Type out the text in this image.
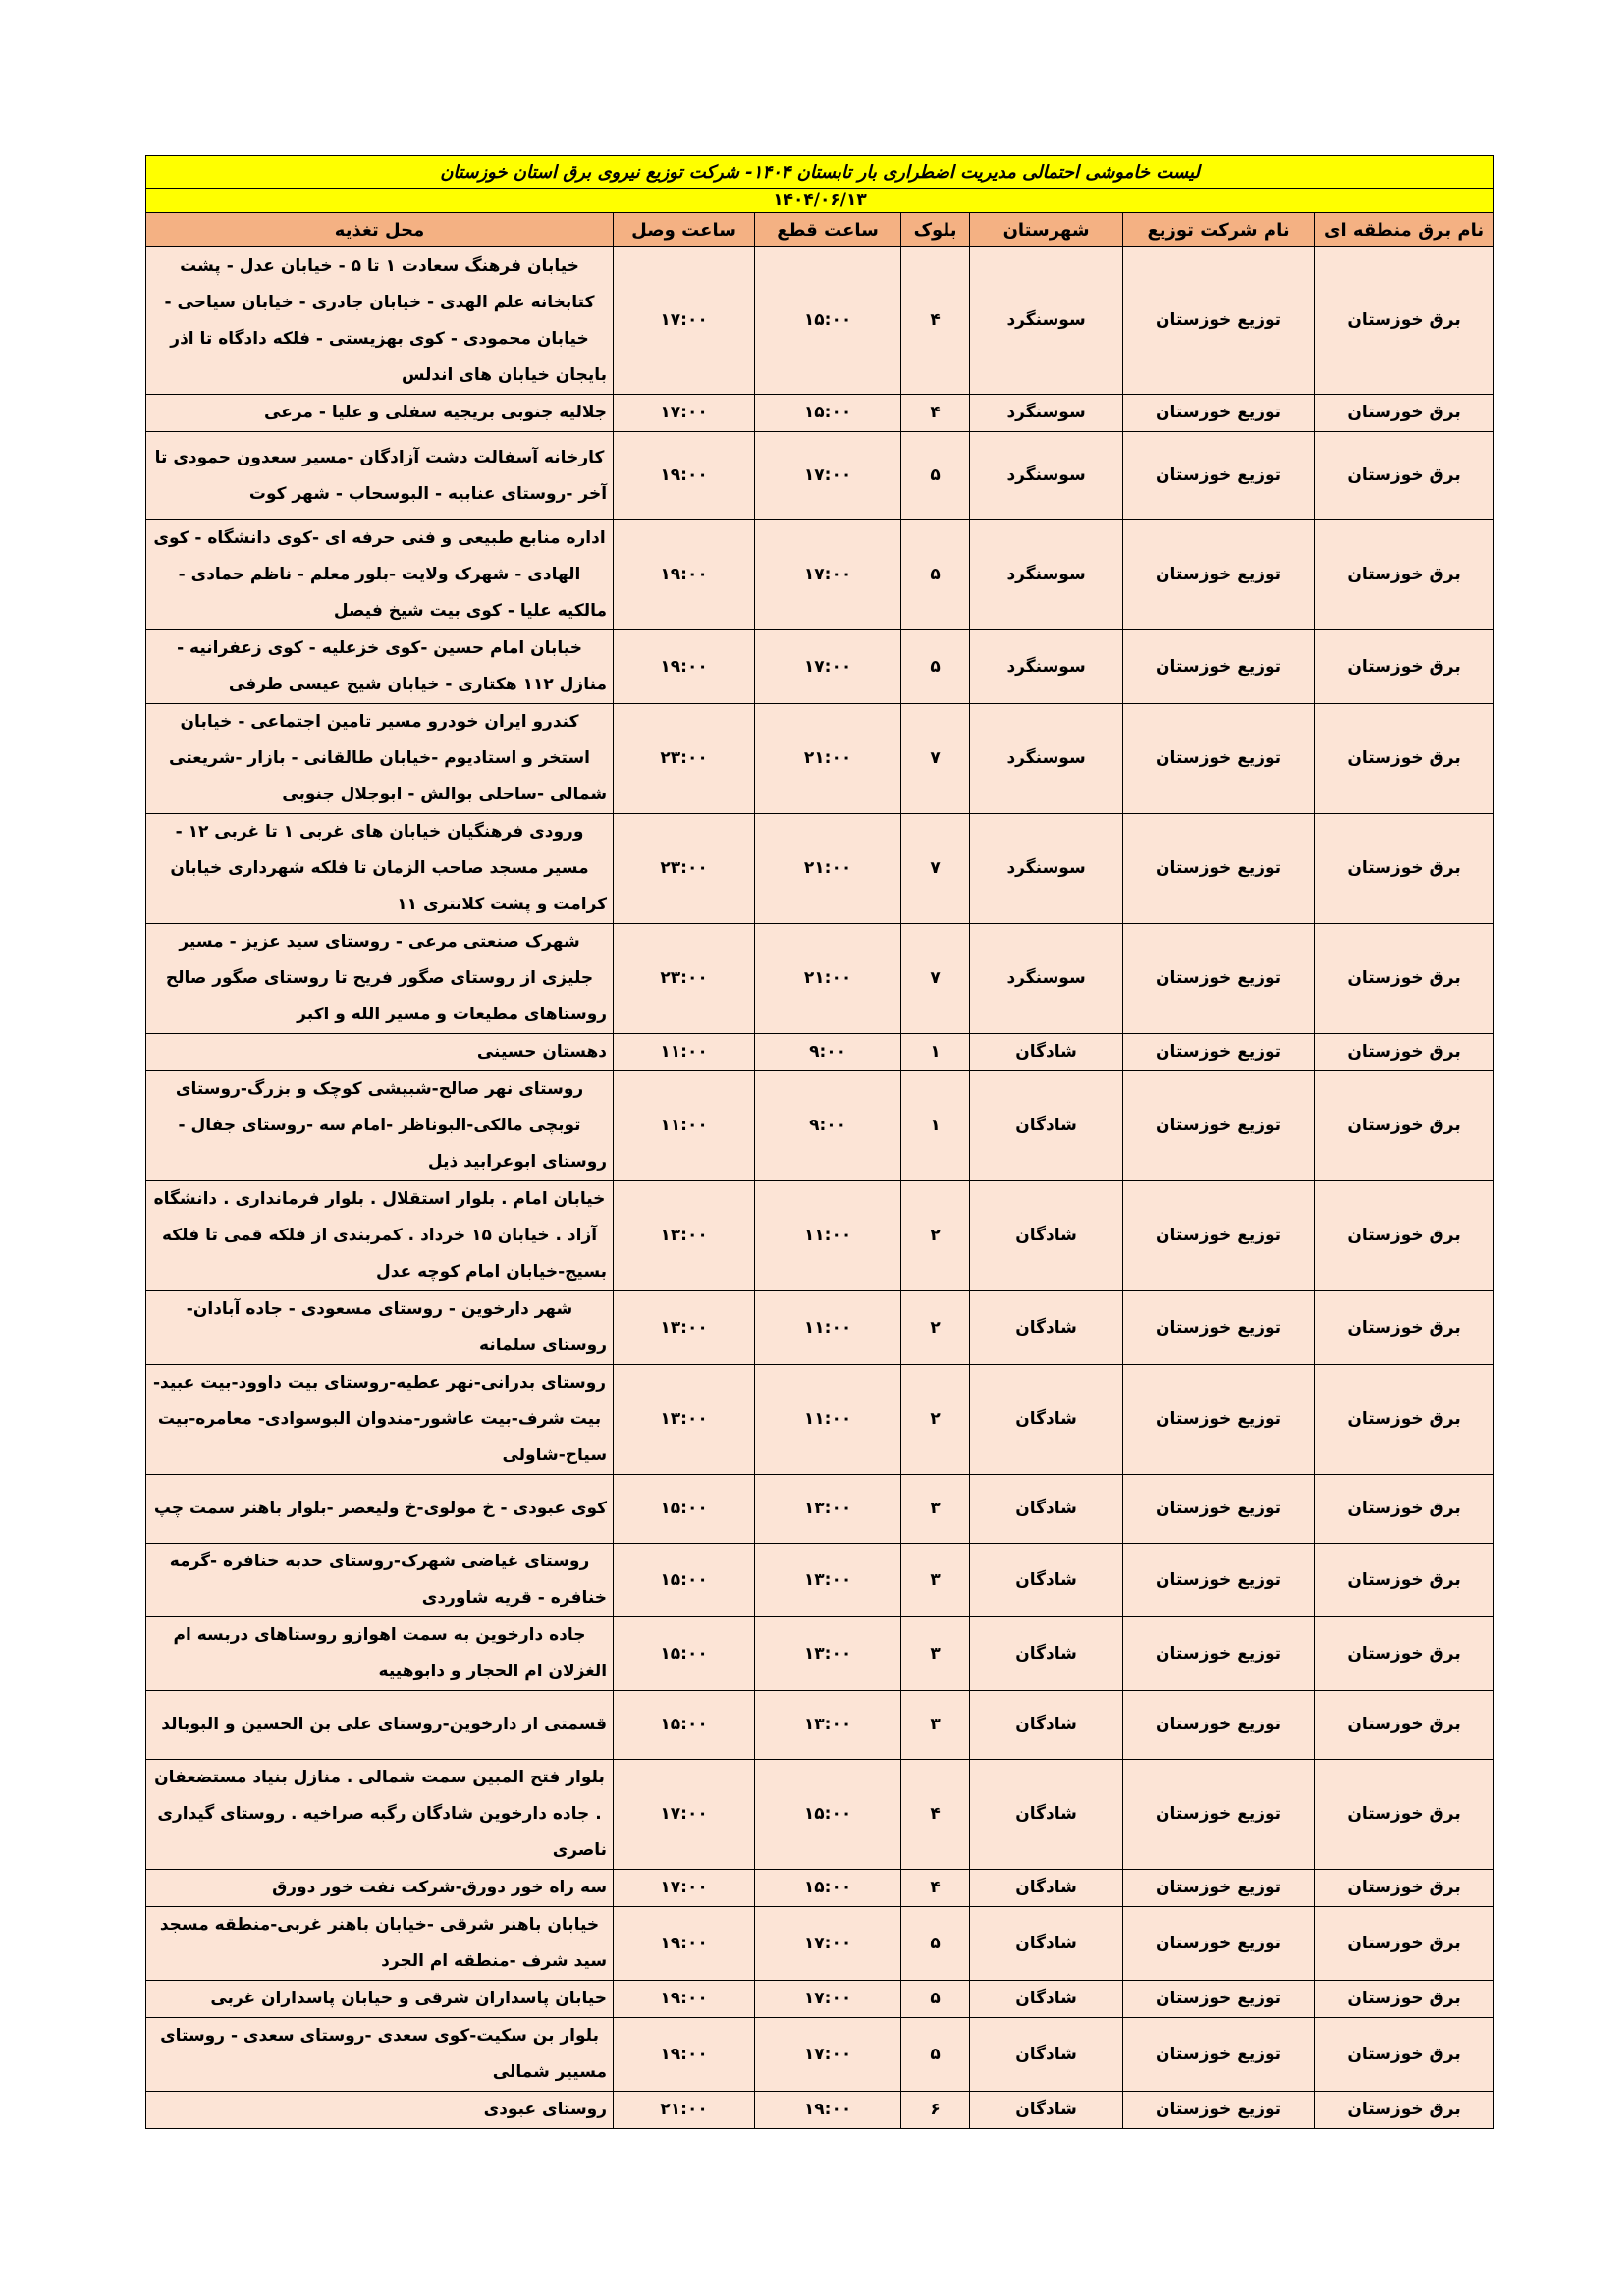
لیست خاموشی احتمالی مدیریت اضطراری بار تابستان ۱۴۰۴- شرکت توزیع نیروی برق استان خوزستان						
۱۴۰۴/۰۶/۱۳						
نام برق منطقه ای	نام شرکت توزیع	شهرستان	بلوک	ساعت قطع	ساعت وصل	محل تغذیه
برق خوزستان	توزیع خوزستان	سوسنگرد	۴	۱۵:۰۰	۱۷:۰۰	خیابان فرهنگ سعادت ۱ تا ۵ - خیابان عدل - پشت کتابخانه علم الهدی - خیابان جادری - خیابان سیاحی - خیابان محمودی - کوی بهزیستی - فلکه دادگاه تا اذر بایجان خیابان های اندلس
برق خوزستان	توزیع خوزستان	سوسنگرد	۴	۱۵:۰۰	۱۷:۰۰	جلالیه جنوبی بریجیه سفلی و علیا - مرعی
برق خوزستان	توزیع خوزستان	سوسنگرد	۵	۱۷:۰۰	۱۹:۰۰	کارخانه آسفالت دشت آزادگان -مسیر سعدون حمودی تا آخر -روستای عنابیه - البوسحاب - شهر کوت
برق خوزستان	توزیع خوزستان	سوسنگرد	۵	۱۷:۰۰	۱۹:۰۰	اداره منابع طبیعی و فنی حرفه ای -کوی دانشگاه - کوی الهادی - شهرک ولایت -بلور معلم - ناظم حمادی - مالکیه علیا - کوی بیت شیخ فیصل
برق خوزستان	توزیع خوزستان	سوسنگرد	۵	۱۷:۰۰	۱۹:۰۰	خیابان امام حسین -کوی خزعلیه - کوی زعفرانیه - منازل ۱۱۲ هکتاری - خیابان شیخ عیسی طرفی
برق خوزستان	توزیع خوزستان	سوسنگرد	۷	۲۱:۰۰	۲۳:۰۰	کندرو ایران خودرو مسیر تامین اجتماعی - خیابان استخر و استادیوم -خیابان طالقانی - بازار -شریعتی شمالی -ساحلی بوالش - ابوجلال جنوبی
برق خوزستان	توزیع خوزستان	سوسنگرد	۷	۲۱:۰۰	۲۳:۰۰	ورودی فرهنگیان خیابان های غربی ۱ تا غربی ۱۲ - مسیر مسجد صاحب الزمان تا فلکه شهرداری خیابان کرامت و پشت کلانتری ۱۱
برق خوزستان	توزیع خوزستان	سوسنگرد	۷	۲۱:۰۰	۲۳:۰۰	شهرک صنعتی مرعی - روستای سید عزیز - مسیر جلیزی از روستای صگور فریح تا روستای صگور صالح روستاهای مطیعات و مسیر الله و اکبر
برق خوزستان	توزیع خوزستان	شادگان	۱	۹:۰۰	۱۱:۰۰	دهستان حسینی
برق خوزستان	توزیع خوزستان	شادگان	۱	۹:۰۰	۱۱:۰۰	روستای نهر صالح-شبیشی کوچک و بزرگ-روستای توبچی مالکی-البوناظر -امام سه -روستای جفال - روستای ابوعرابید ذیل
برق خوزستان	توزیع خوزستان	شادگان	۲	۱۱:۰۰	۱۳:۰۰	خیابان امام . بلوار استقلال . بلوار فرمانداری . دانشگاه آزاد . خیابان ۱۵ خرداد . کمربندی از فلکه قمی تا فلکه بسیج-خیابان امام کوچه عدل
برق خوزستان	توزیع خوزستان	شادگان	۲	۱۱:۰۰	۱۳:۰۰	شهر دارخوین - روستای مسعودی - جاده آبادان- روستای سلمانه
برق خوزستان	توزیع خوزستان	شادگان	۲	۱۱:۰۰	۱۳:۰۰	روستای بدرانی-نهر عطیه-روستای بیت داوود-بیت عبید-بیت شرف-بیت عاشور-مندوان البوسوادی- معامره-بیت سیاح-شاولی
برق خوزستان	توزیع خوزستان	شادگان	۳	۱۳:۰۰	۱۵:۰۰	کوی عبودی - خ مولوی-خ ولیعصر -بلوار باهنر سمت چپ
برق خوزستان	توزیع خوزستان	شادگان	۳	۱۳:۰۰	۱۵:۰۰	روستای غیاضی شهرک-روستای حدبه خنافره -گرمه خنافره - قریه شاوردی
برق خوزستان	توزیع خوزستان	شادگان	۳	۱۳:۰۰	۱۵:۰۰	جاده دارخوین به سمت اهوازو روستاهای دربسه ام الغزلان ام الحجار و دابوهییه
برق خوزستان	توزیع خوزستان	شادگان	۳	۱۳:۰۰	۱۵:۰۰	قسمتی از دارخوین-روستای علی بن الحسین و البوبالد
برق خوزستان	توزیع خوزستان	شادگان	۴	۱۵:۰۰	۱۷:۰۰	بلوار فتح المبین سمت شمالی . منازل بنیاد مستضعفان . جاده دارخوین شادگان رگبه صراخیه . روستای گیداری ناصری
برق خوزستان	توزیع خوزستان	شادگان	۴	۱۵:۰۰	۱۷:۰۰	سه راه خور دورق-شرکت نفت خور دورق
برق خوزستان	توزیع خوزستان	شادگان	۵	۱۷:۰۰	۱۹:۰۰	خیابان باهنر شرقی -خیابان باهنر غربی-منطقه مسجد سید شرف -منطقه ام الجرد
برق خوزستان	توزیع خوزستان	شادگان	۵	۱۷:۰۰	۱۹:۰۰	خیابان پاسداران شرقی و خیابان پاسداران غربی
برق خوزستان	توزیع خوزستان	شادگان	۵	۱۷:۰۰	۱۹:۰۰	بلوار بن سکیت-کوی سعدی -روستای سعدی - روستای مسییر شمالی
برق خوزستان	توزیع خوزستان	شادگان	۶	۱۹:۰۰	۲۱:۰۰	روستای عبودی
